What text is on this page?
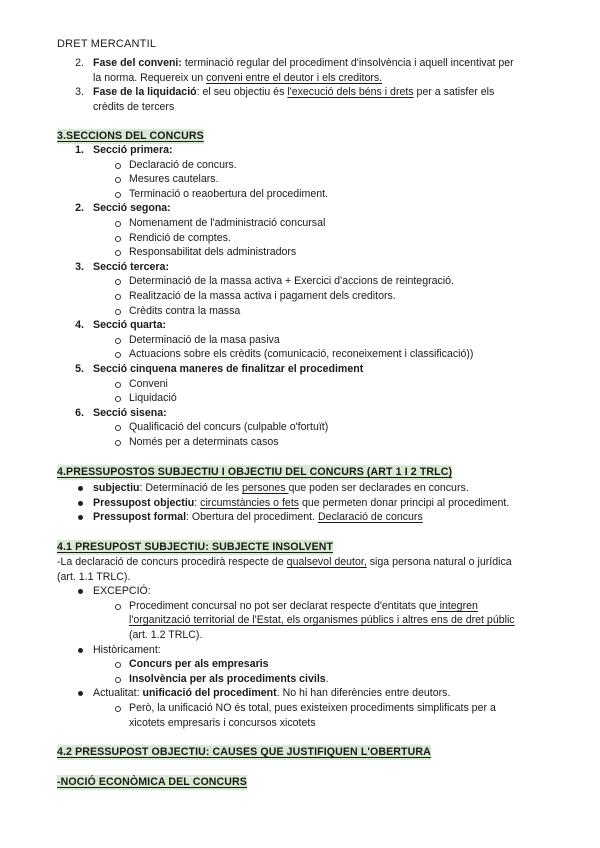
DRET MERCANTIL
2. Fase del conveni: terminació regular del procediment d'insolvència i aquell incentivat per
la norma. Requereix un conveni entre el deutor i els creditors.
3. Fase de la liquidació: el seu objectiu és l'execució dels béns i drets per a satisfer els
crèdits de tercers
3.SECCIONS DEL CONCURS
1. Secció primera:
Declaració de concurs.
Mesures cautelars.
Terminació o reaobertura del procediment.
2. Secció segona:
Nomenament de l'administració concursal
Rendició de comptes.
Responsabilitat dels administradors
3. Secció tercera:
Determinació de la massa activa + Exercici d'accions de reintegració.
Realització de la massa activa i pagament dels creditors.
Crèdits contra la massa
4. Secció quarta:
Determinació de la masa pasiva
Actuacions sobre els crèdits (comunicació, reconeixement i classificació))
5. Secció cinquena maneres de finalitzar el procediment
Conveni
Liquidació
6. Secció sisena:
Qualificació del concurs (culpable o'fortuït)
Només per a determinats casos
4.PRESSUPOSTOS SUBJECTIU I OBJECTIU DEL CONCURS (ART 1 I 2 TRLC)
subjectiu: Determinació de les persones que poden ser declarades en concurs.
Pressupost objectiu: circumstàncies o fets que permeten donar principi al procediment.
Pressupost formal: Obertura del procediment. Declaració de concurs
4.1 PRESUPOST SUBJECTIU: SUBJECTE INSOLVENT
-La declaració de concurs procedirà respecte de qualsevol deutor, siga persona natural o jurídica
(art. 1.1 TRLC).
EXCEPCIÓ:
Procediment concursal no pot ser declarat respecte d'entitats que integren
l'organització territorial de l'Estat, els organismes públics i altres ens de dret públic
(art. 1.2 TRLC).
Històricament:
Concurs per als empresaris
Insolvència per als procediments civils.
Actualitat: unificació del procediment. No hi han diferències entre deutors.
Però, la unificació NO és total, pues existeixen procediments simplificats per a
xicotets empresaris i concursos xicotets
4.2 PRESSUPOST OBJECTIU: CAUSES QUE JUSTIFIQUEN L'OBERTURA
-NOCIÓ ECONÒMICA DEL CONCURS
